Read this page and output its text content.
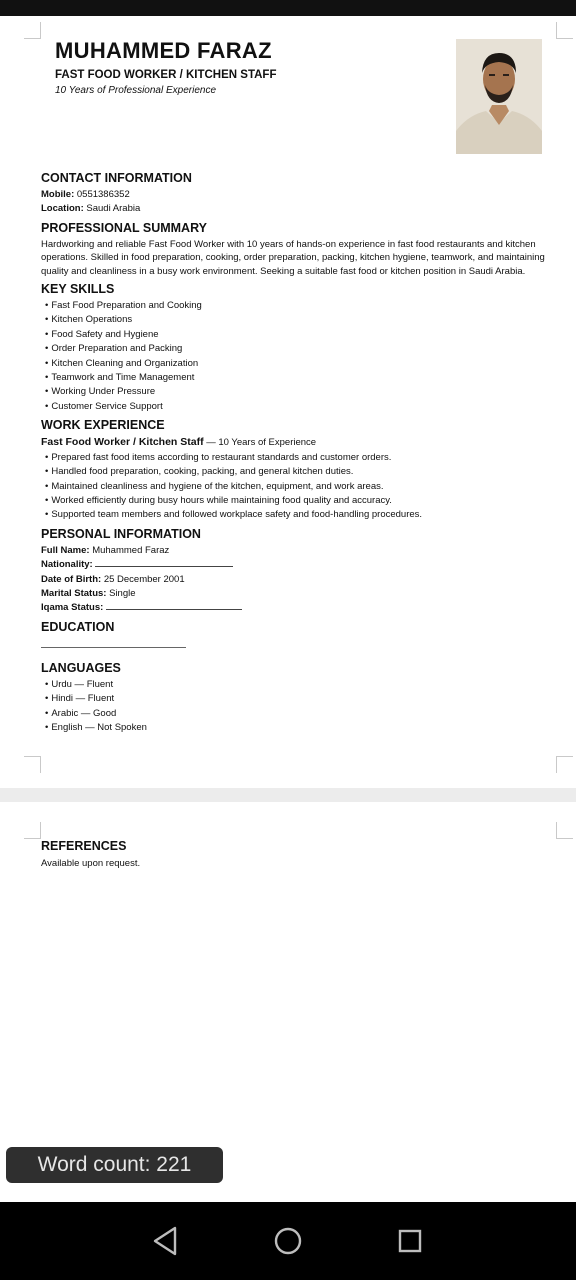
MUHAMMED FARAZ
FAST FOOD WORKER / KITCHEN STAFF
10 Years of Professional Experience
CONTACT INFORMATION
Mobile: 0551386352
Location: Saudi Arabia
PROFESSIONAL SUMMARY
Hardworking and reliable Fast Food Worker with 10 years of hands-on experience in fast food restaurants and kitchen operations. Skilled in food preparation, cooking, order preparation, packing, kitchen hygiene, teamwork, and maintaining quality and cleanliness in a busy work environment. Seeking a suitable fast food or kitchen position in Saudi Arabia.
KEY SKILLS
• Fast Food Preparation and Cooking
• Kitchen Operations
• Food Safety and Hygiene
• Order Preparation and Packing
• Kitchen Cleaning and Organization
• Teamwork and Time Management
• Working Under Pressure
• Customer Service Support
WORK EXPERIENCE
Fast Food Worker / Kitchen Staff — 10 Years of Experience
• Prepared fast food items according to restaurant standards and customer orders.
• Handled food preparation, cooking, packing, and general kitchen duties.
• Maintained cleanliness and hygiene of the kitchen, equipment, and work areas.
• Worked efficiently during busy hours while maintaining food quality and accuracy.
• Supported team members and followed workplace safety and food-handling procedures.
PERSONAL INFORMATION
Full Name: Muhammed Faraz
Nationality:
Date of Birth: 25 December 2001
Marital Status: Single
Iqama Status:
EDUCATION
LANGUAGES
• Urdu — Fluent
• Hindi — Fluent
• Arabic — Good
• English — Not Spoken
REFERENCES
Available upon request.
Word count: 221
